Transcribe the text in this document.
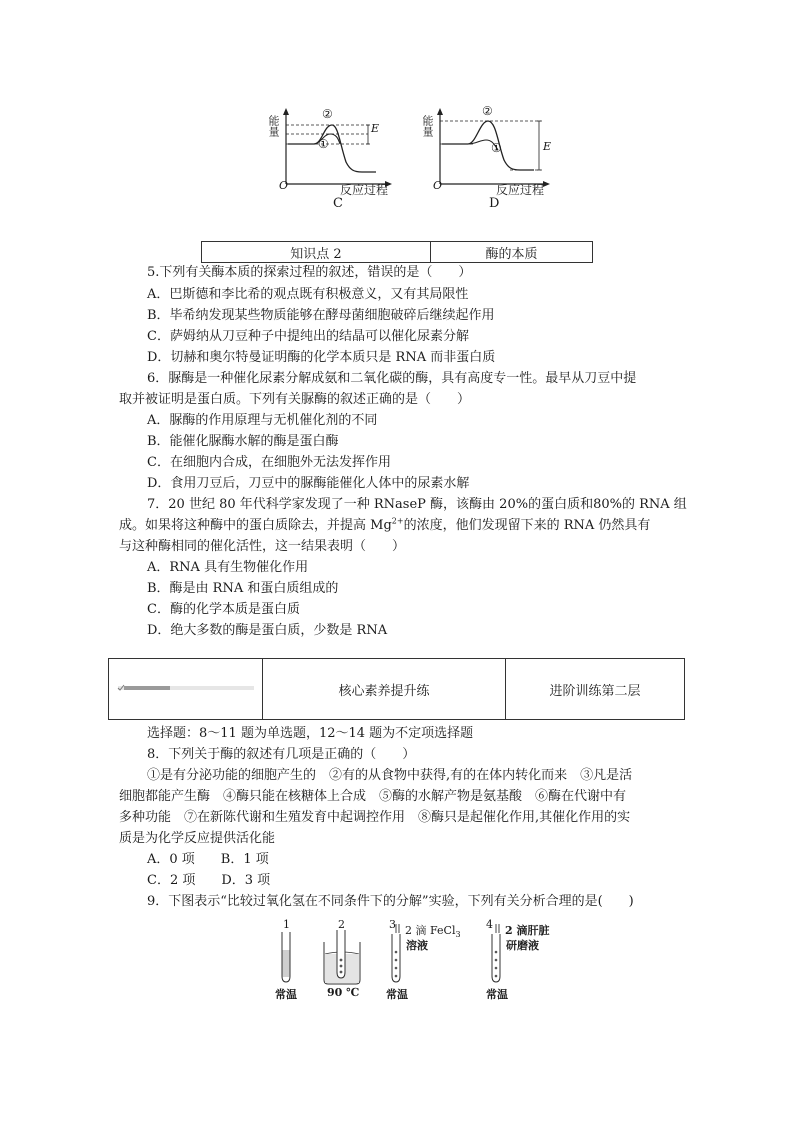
能量
O
②
①
E
反应过程
C
能量
O
②
①	E
反应过程
D
知识点 2	酶的本质
5.下列有关酶本质的探索过程的叙述，错误的是（　　）
A．巴斯德和李比希的观点既有积极意义，又有其局限性
B．毕希纳发现某些物质能够在酵母菌细胞破碎后继续起作用
C．萨姆纳从刀豆种子中提纯出的结晶可以催化尿素分解
D．切赫和奥尔特曼证明酶的化学本质只是 RNA 而非蛋白质
6．脲酶是一种催化尿素分解成氨和二氧化碳的酶，具有高度专一性。最早从刀豆中提
取并被证明是蛋白质。下列有关脲酶的叙述正确的是（　　）
A．脲酶的作用原理与无机催化剂的不同
B．能催化脲酶水解的酶是蛋白酶
C．在细胞内合成，在细胞外无法发挥作用
D．食用刀豆后，刀豆中的脲酶能催化人体中的尿素水解
7．20 世纪 80 年代科学家发现了一种 RNaseP 酶，该酶由 20%的蛋白质和80%的 RNA 组
成。如果将这种酶中的蛋白质除去，并提高 $Mg^{2+}$的浓度，他们发现留下来的 RNA 仍然具有
与这种酶相同的催化活性，这一结果表明（　　）
A．RNA 具有生物催化作用
B．酶是由 RNA 和蛋白质组成的
C．酶的化学本质是蛋白质
D．绝大多数的酶是蛋白质，少数是 RNA
核心素养提升练	进阶训练第二层
选择题：8～11 题为单选题，12～14 题为不定项选择题
8．下列关于酶的叙述有几项是正确的（　　）
①是有分泌功能的细胞产生的　②有的从食物中获得,有的在体内转化而来　③凡是活
细胞都能产生酶　④酶只能在核糖体上合成　⑤酶的水解产物是氨基酸　⑥酶在代谢中有
多种功能　⑦在新陈代谢和生殖发育中起调控作用　⑧酶只是起催化作用,其催化作用的实
质是为化学反应提供活化能
A．0 项　　B．1 项
C．2 项　　D．3 项
9．下图表示“比较过氧化氢在不同条件下的分解”实验，下列有关分析合理的是(　　)
1
常温
2
90 ℃
3 2 滴 FeCl$_3$
溶液
常温
4 2 滴肝脏
研磨液
常温
